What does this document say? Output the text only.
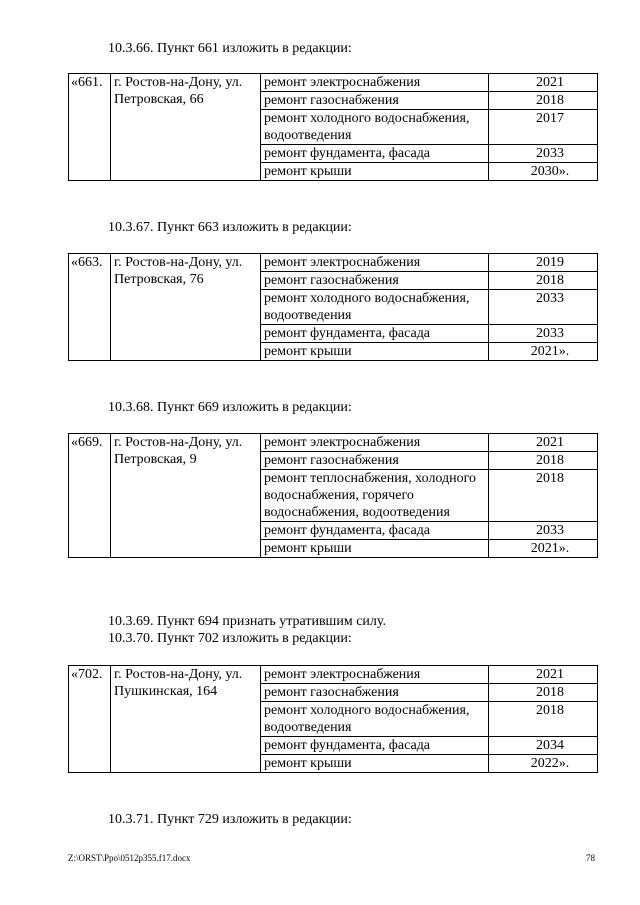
10.3.66. Пункт 661 изложить в редакции:
«661.	г. Ростов-на-Дону, ул. Петровская, 66	ремонт электроснабжения	2021
		ремонт газоснабжения	2018
		ремонт холодного водоснабжения, водоотведения	2017
		ремонт фундамента, фасада	2033
		ремонт крыши	2030».
10.3.67. Пункт 663 изложить в редакции:
«663.	г. Ростов-на-Дону, ул. Петровская, 76	ремонт электроснабжения	2019
		ремонт газоснабжения	2018
		ремонт холодного водоснабжения, водоотведения	2033
		ремонт фундамента, фасада	2033
		ремонт крыши	2021».
10.3.68. Пункт 669 изложить в редакции:
«669.	г. Ростов-на-Дону, ул. Петровская, 9	ремонт электроснабжения	2021
		ремонт газоснабжения	2018
		ремонт теплоснабжения, холодного водоснабжения, горячего водоснабжения, водоотведения	2018
		ремонт фундамента, фасада	2033
		ремонт крыши	2021».
10.3.69. Пункт 694 признать утратившим силу.
10.3.70. Пункт 702 изложить в редакции:
«702.	г. Ростов-на-Дону, ул. Пушкинская, 164	ремонт электроснабжения	2021
		ремонт газоснабжения	2018
		ремонт холодного водоснабжения, водоотведения	2018
		ремонт фундамента, фасада	2034
		ремонт крыши	2022».
10.3.71. Пункт 729 изложить в редакции:
Z:\ORST\Ppo\0512p355.f17.docx	78
